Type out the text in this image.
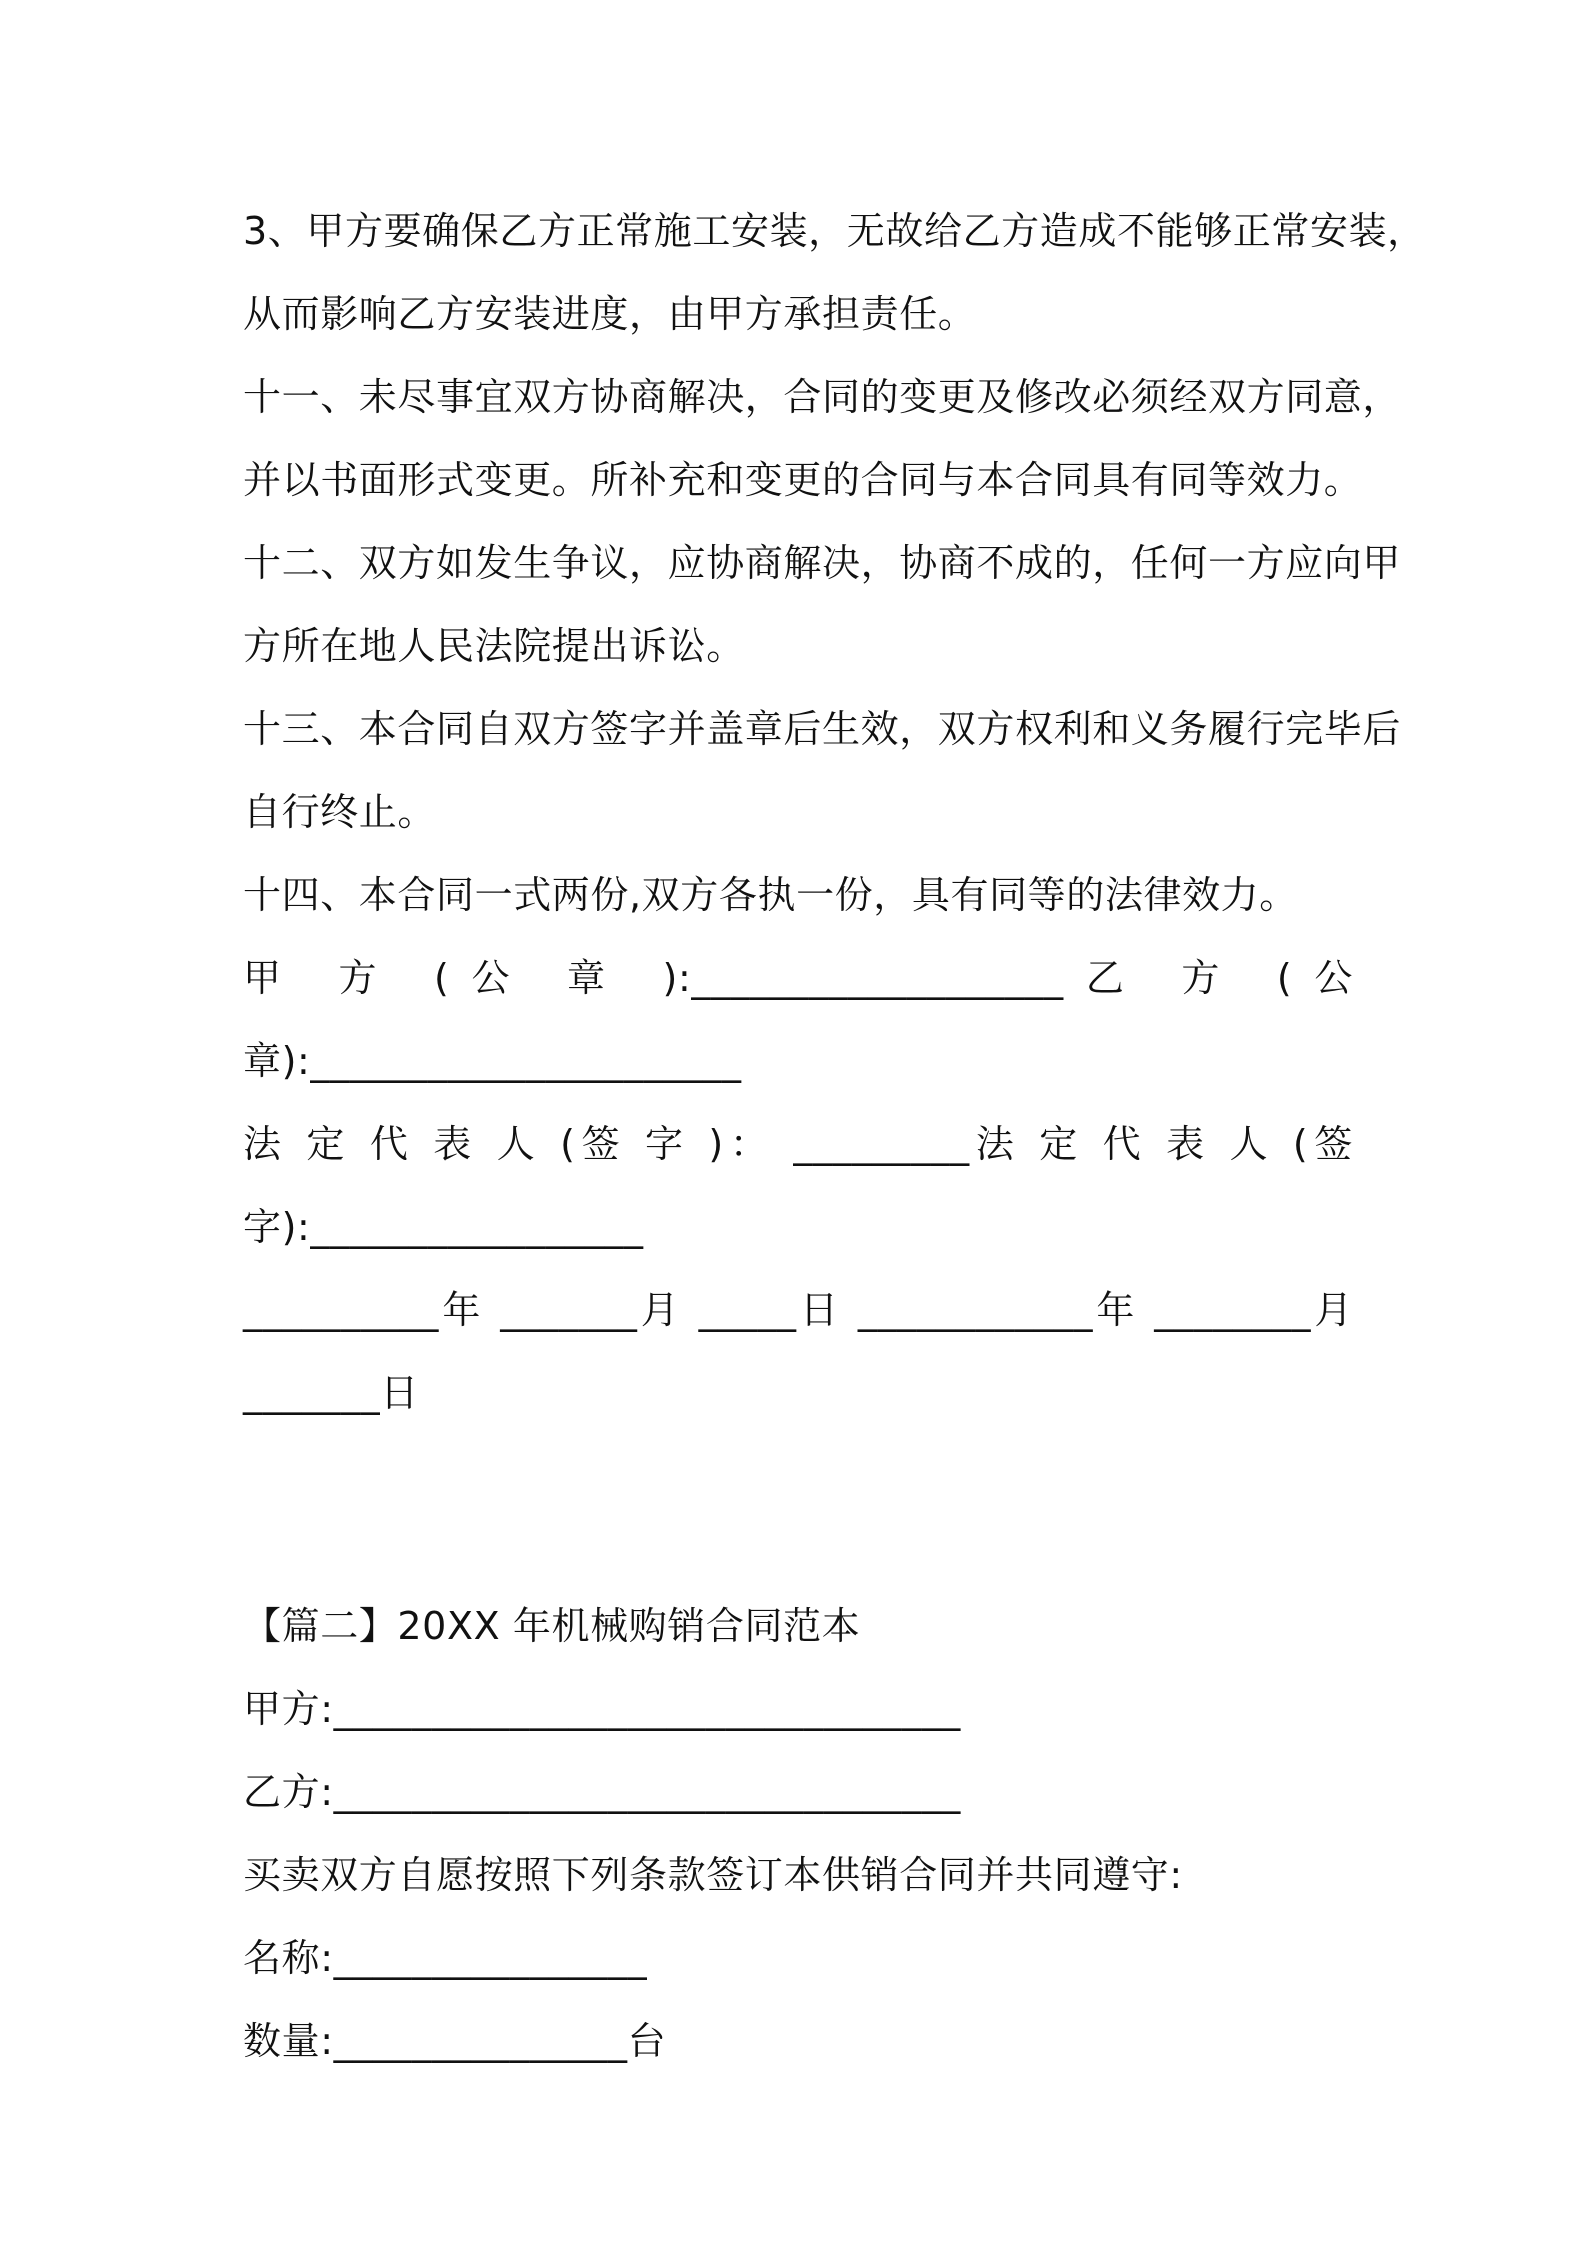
3、甲方要确保乙方正常施工安装，无故给乙方造成不能够正常安装，
从而影响乙方安装进度，由甲方承担责任。
十一、未尽事宜双方协商解决，合同的变更及修改必须经双方同意，
并以书面形式变更。所补充和变更的合同与本合同具有同等效力。
十二、双方如发生争议，应协商解决，协商不成的，任何一方应向甲
方所在地人民法院提出诉讼。
十三、本合同自双方签字并盖章后生效，双方权利和义务履行完毕后
自行终止。
十四、本合同一式两份,双方各执一份，具有同等的法律效力。
甲 方 (公 章 ):___________________乙 方 (公
章):______________________
法 定 代 表 人 (签 字 )： _________法 定 代 表 人 (签
字):_________________
__________年 _______月 _____日 ____________年 ________月
_______日
【篇二】20XX 年机械购销合同范本
甲方:________________________________
乙方:________________________________
买卖双方自愿按照下列条款签订本供销合同并共同遵守:
名称:________________
数量:_______________台
